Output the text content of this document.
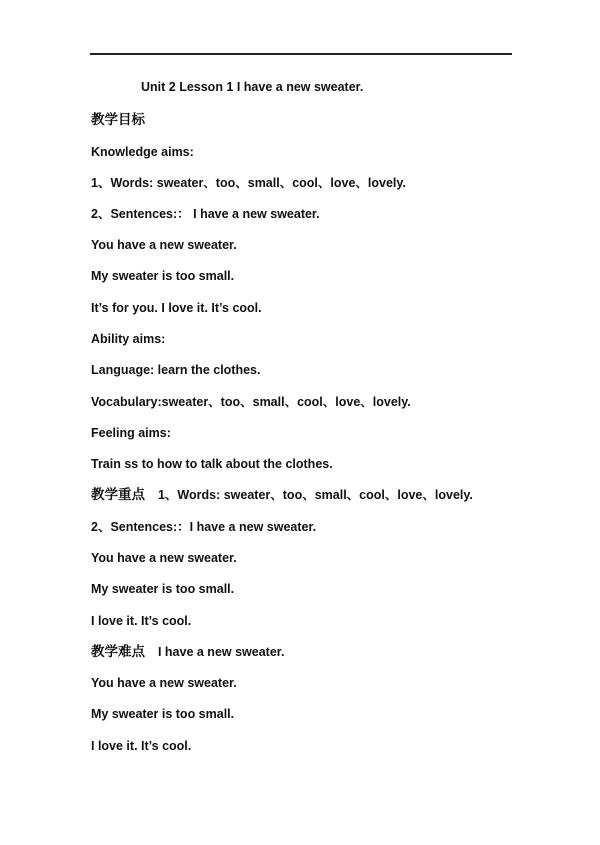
Unit 2 Lesson 1 I have a new sweater.
教学目标
Knowledge aims:
1、Words: sweater、too、small、cool、love、lovely.
2、Sentences:： I have a new sweater.
You have a new sweater.
My sweater is too small.
It’s for you. I love it. It’s cool.
Ability aims:
Language: learn the clothes.
Vocabulary:sweater、too、small、cool、love、lovely.
Feeling aims:
Train ss to how to talk about the clothes.
教学重点 1、Words: sweater、too、small、cool、love、lovely.
2、Sentences:：I have a new sweater.
You have a new sweater.
My sweater is too small.
I love it. It’s cool.
教学难点 I have a new sweater.
You have a new sweater.
My sweater is too small.
I love it. It’s cool.
